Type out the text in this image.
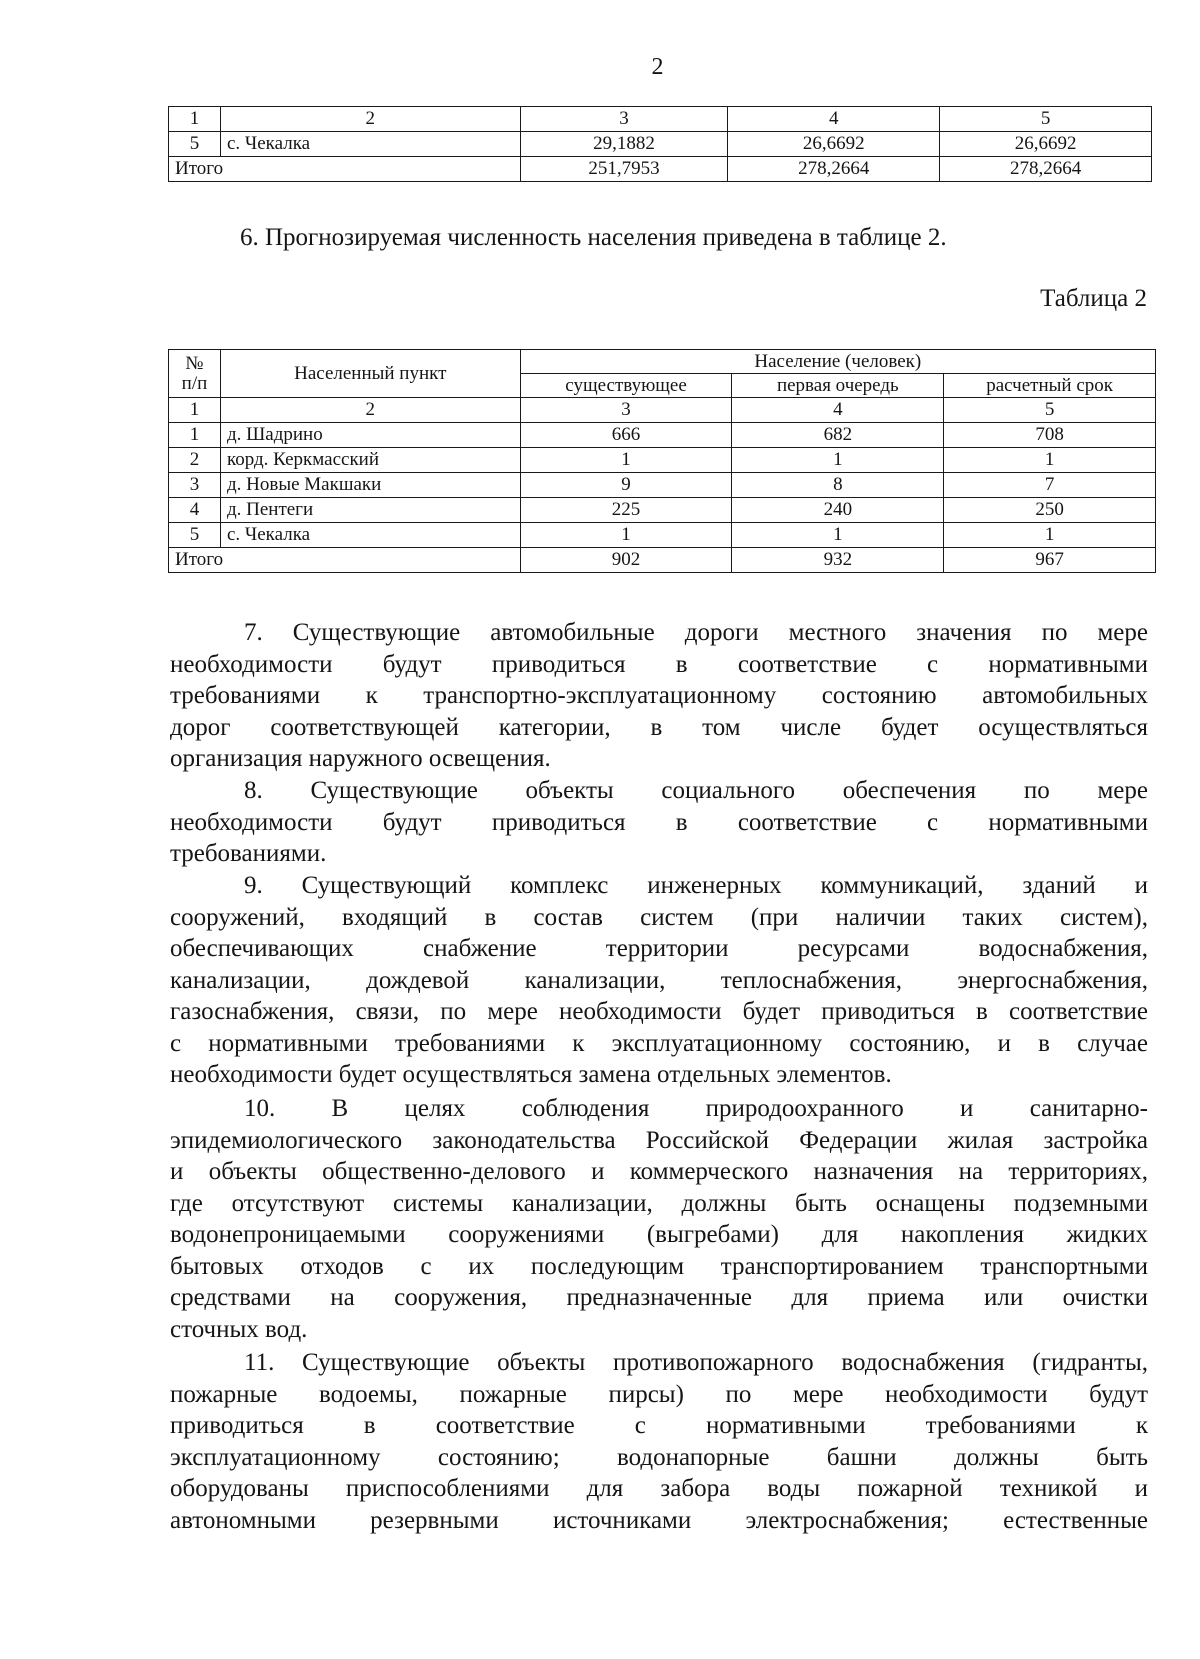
2
1	2	3	4	5
5	с. Чекалка	29,1882	26,6692	26,6692
Итого		251,7953	278,2664	278,2664
6. Прогнозируемая численность населения приведена в таблице 2.
Таблица 2
№
п/п	Населенный пункт	Население (человек)		
		существующее	первая очередь	расчетный срок
1	2	3	4	5
1	д. Шадрино	666	682	708
2	корд. Керкмасский	1	1	1
3	д. Новые Макшаки	9	8	7
4	д. Пентеги	225	240	250
5	с. Чекалка	1	1	1
Итого		902	932	967
7. Существующие автомобильные дороги местного значения по мере
необходимости будут приводиться в соответствие с нормативными
требованиями к транспортно-эксплуатационному состоянию автомобильных
дорог соответствующей категории, в том числе будет осуществляться
организация наружного освещения.
8. Существующие объекты социального обеспечения по мере
необходимости будут приводиться в соответствие с нормативными
требованиями.
9. Существующий комплекс инженерных коммуникаций, зданий и
сооружений, входящий в состав систем (при наличии таких систем),
обеспечивающих снабжение территории ресурсами водоснабжения,
канализации, дождевой канализации, теплоснабжения, энергоснабжения,
газоснабжения, связи, по мере необходимости будет приводиться в соответствие
с нормативными требованиями к эксплуатационному состоянию, и в случае
необходимости будет осуществляться замена отдельных элементов.
10. В целях соблюдения природоохранного и санитарно-
эпидемиологического законодательства Российской Федерации жилая застройка
и объекты общественно-делового и коммерческого назначения на территориях,
где отсутствуют системы канализации, должны быть оснащены подземными
водонепроницаемыми сооружениями (выгребами) для накопления жидких
бытовых отходов с их последующим транспортированием транспортными
средствами на сооружения, предназначенные для приема или очистки
сточных вод.
11. Существующие объекты противопожарного водоснабжения (гидранты,
пожарные водоемы, пожарные пирсы) по мере необходимости будут
приводиться в соответствие с нормативными требованиями к
эксплуатационному состоянию; водонапорные башни должны быть
оборудованы приспособлениями для забора воды пожарной техникой и
автономными резервными источниками электроснабжения; естественные
